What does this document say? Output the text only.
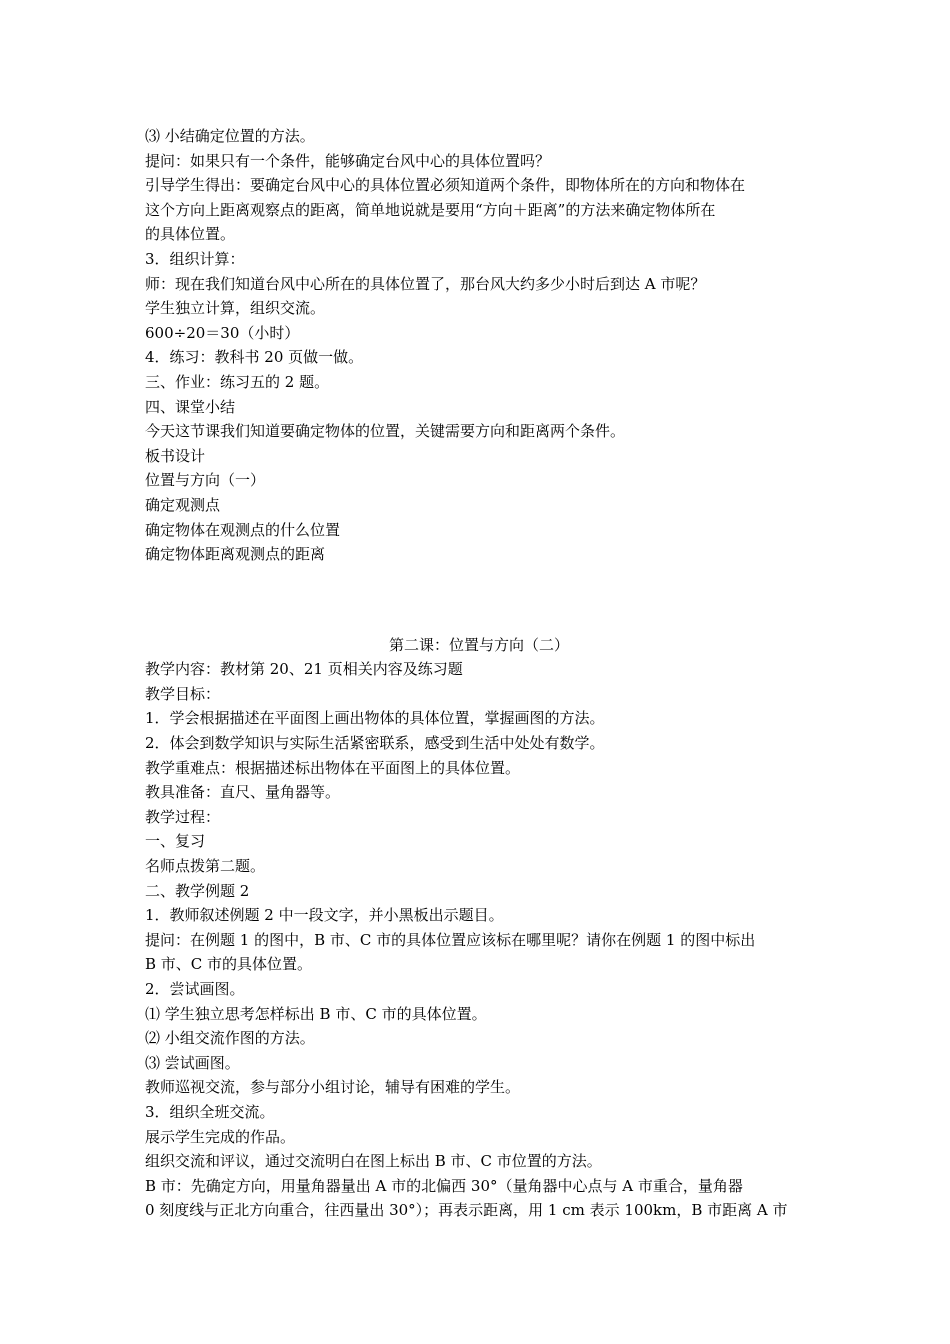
⑶ 小结确定位置的方法。
提问：如果只有一个条件，能够确定台风中心的具体位置吗？
引导学生得出：要确定台风中心的具体位置必须知道两个条件，即物体所在的方向和物体在
这个方向上距离观察点的距离，简单地说就是要用“方向＋距离”的方法来确定物体所在
的具体位置。
3．组织计算：
师：现在我们知道台风中心所在的具体位置了，那台风大约多少小时后到达 A 市呢？
学生独立计算，组织交流。
600÷20＝30（小时）
4．练习：教科书 20 页做一做。
三、作业：练习五的 2 题。
四、课堂小结
今天这节课我们知道要确定物体的位置，关键需要方向和距离两个条件。
板书设计
位置与方向（一）
确定观测点
确定物体在观测点的什么位置
确定物体距离观测点的距离
第二课：位置与方向（二）
教学内容：教材第 20、21 页相关内容及练习题
教学目标：
1．学会根据描述在平面图上画出物体的具体位置，掌握画图的方法。
2．体会到数学知识与实际生活紧密联系，感受到生活中处处有数学。
教学重难点：根据描述标出物体在平面图上的具体位置。
教具准备：直尺、量角器等。
教学过程：
一、复习
名师点拨第二题。
二、教学例题 2
1．教师叙述例题 2 中一段文字，并小黑板出示题目。
提问：在例题 1 的图中，B 市、C 市的具体位置应该标在哪里呢？请你在例题 1 的图中标出
B 市、C 市的具体位置。
2．尝试画图。
⑴ 学生独立思考怎样标出 B 市、C 市的具体位置。
⑵ 小组交流作图的方法。
⑶ 尝试画图。
教师巡视交流，参与部分小组讨论，辅导有困难的学生。
3．组织全班交流。
展示学生完成的作品。
组织交流和评议，通过交流明白在图上标出 B 市、C 市位置的方法。
B 市：先确定方向，用量角器量出 A 市的北偏西 30°（量角器中心点与 A 市重合，量角器
0 刻度线与正北方向重合，往西量出 30°）；再表示距离，用 1 cm 表示 100km，B 市距离 A 市
